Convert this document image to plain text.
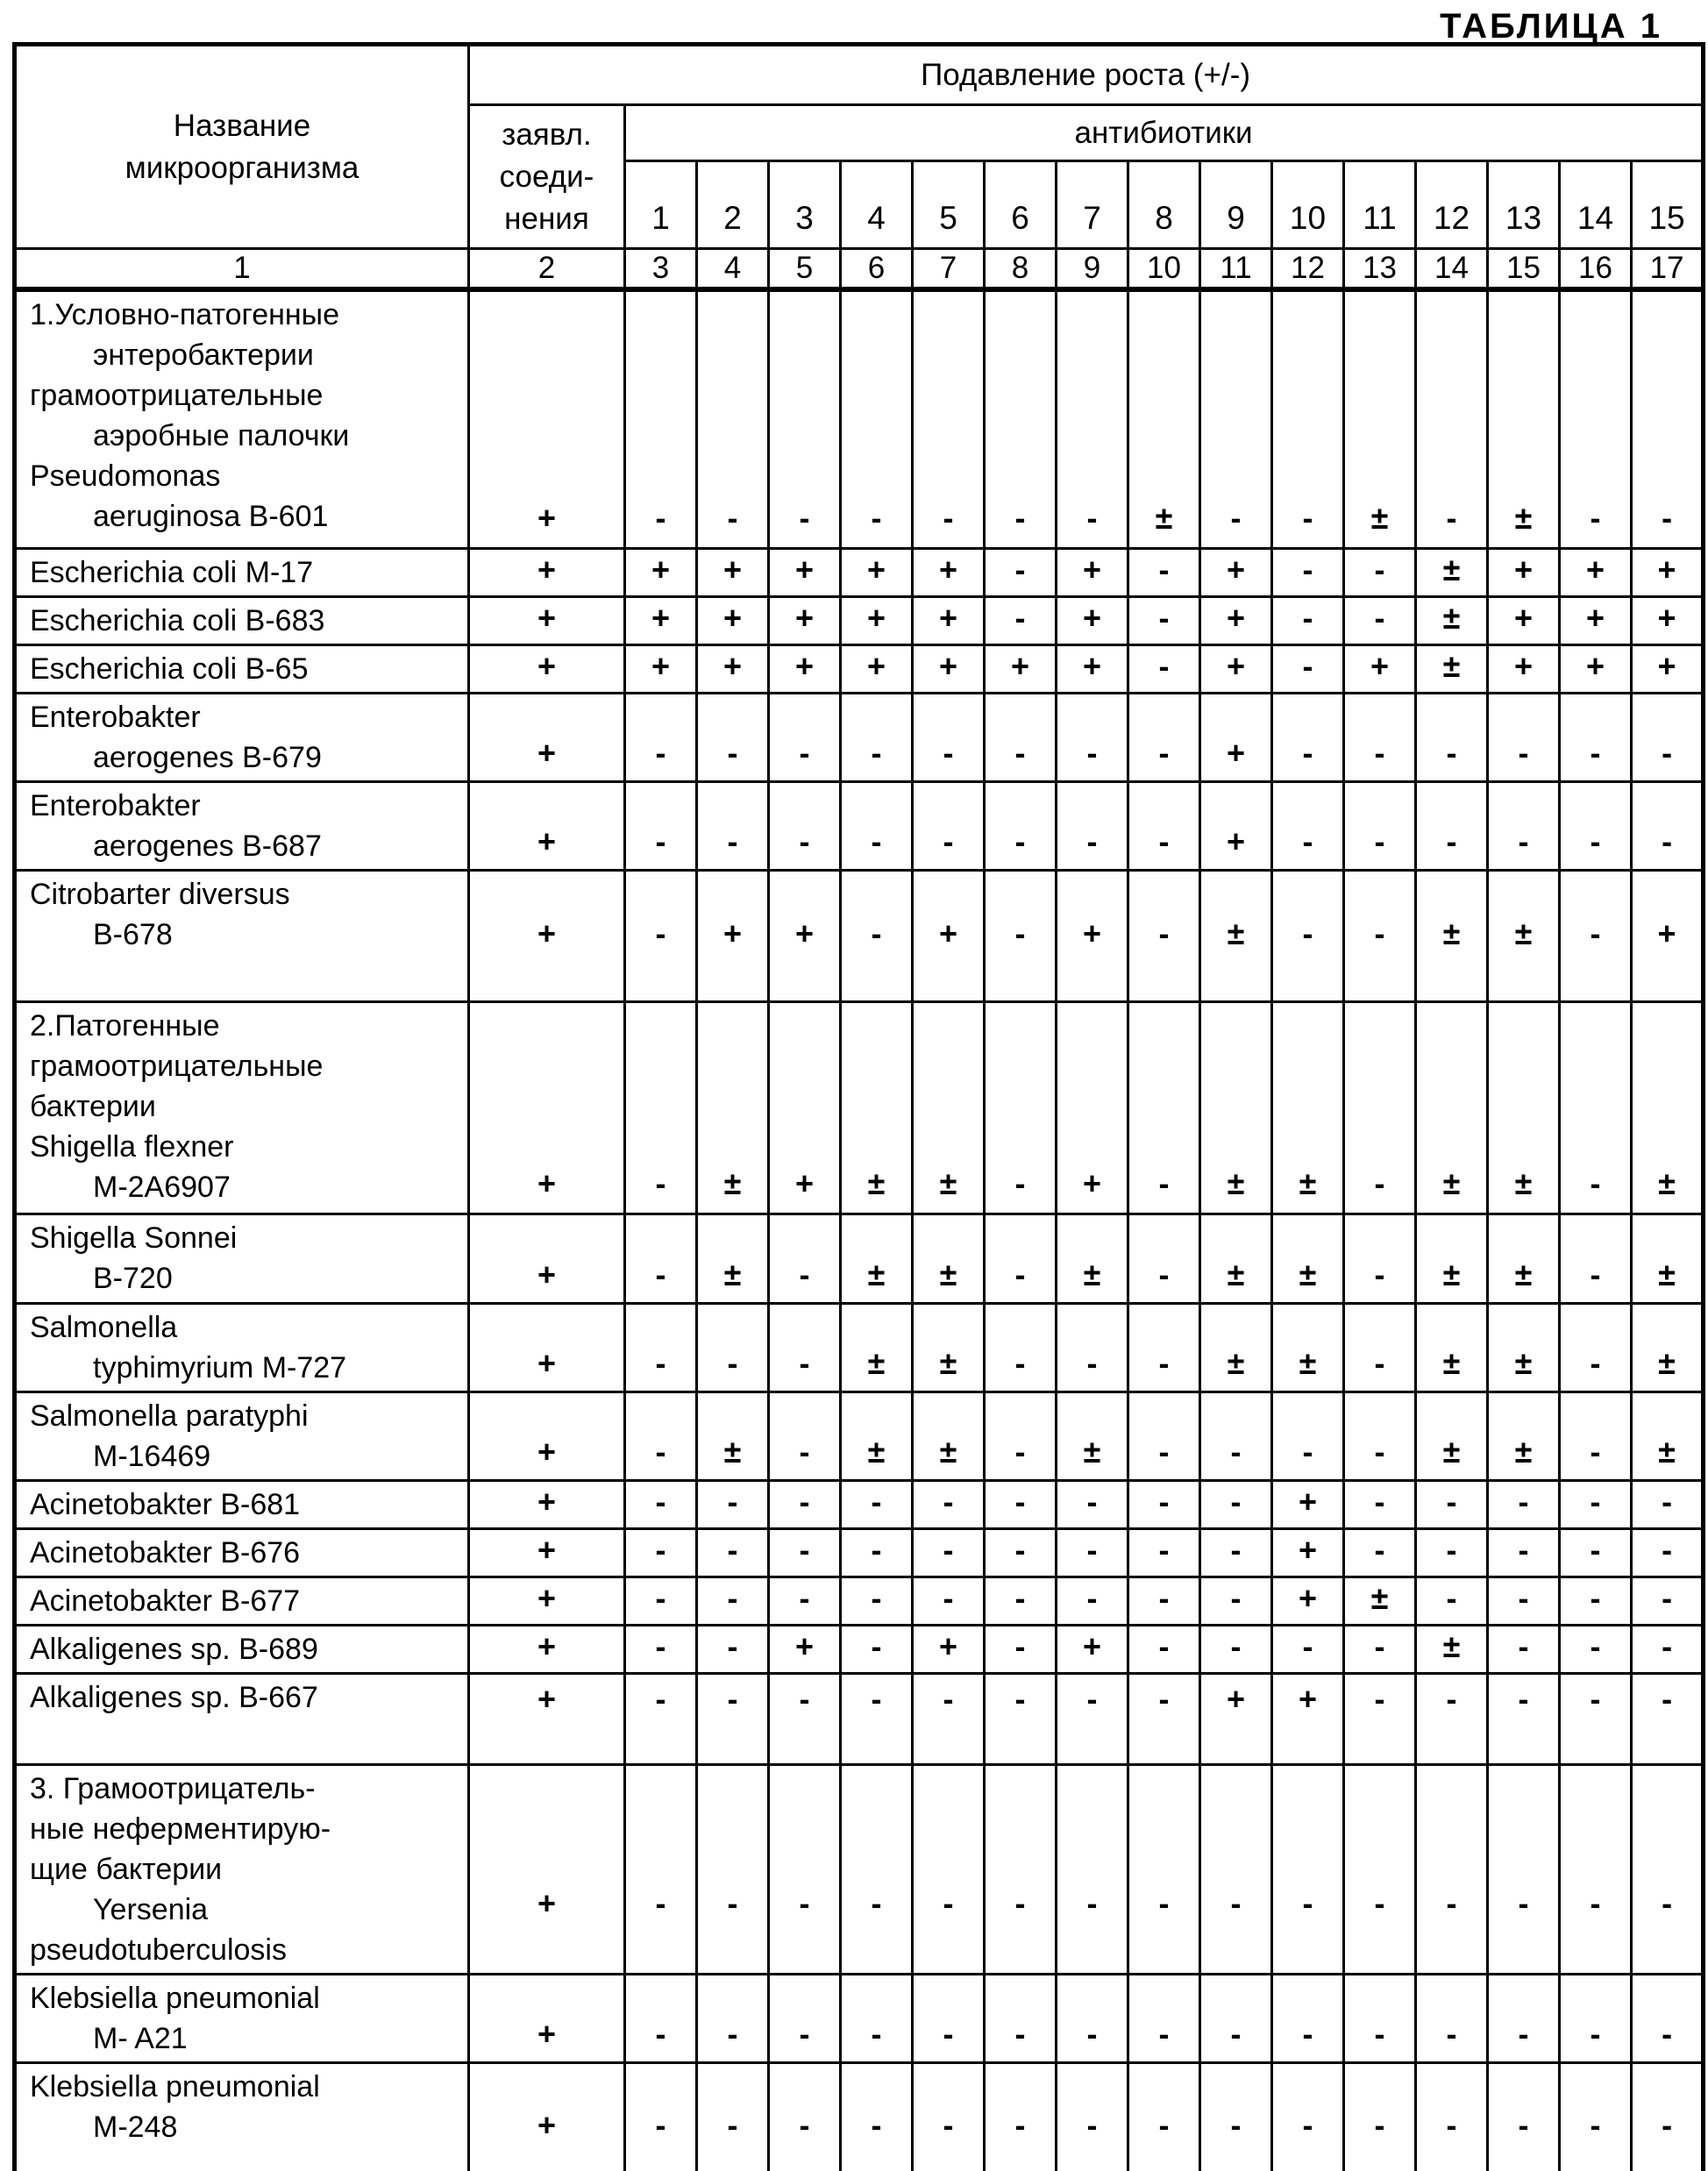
ТАБЛИЦА 1
Название
микроорганизма	Подавление роста (+/-)															

	заявл.
соеди-
нения	антибиотики														
		1	2	3	4	5	6	7	8	9	10	11	12	13	14	15
1	2	3	4	5	6	7	8	9	10	11	12	13	14	15	16	17

1.Условно-патогенные
энтеробактерии
грамоотрицательные
аэробные палочки
Pseudomonas
aeruginosa B-601	+	-	-	-	-	-	-	-	±	-	-	±	-	±	-	-

Escherichia coli M-17	+	+	+	+	+	+	-	+	-	+	-	-	±	+	+	+

Escherichia coli B-683	+	+	+	+	+	+	-	+	-	+	-	-	±	+	+	+

Escherichia coli B-65	+	+	+	+	+	+	+	+	-	+	-	+	±	+	+	+

Enterobakter
aerogenes B-679	+	-	-	-	-	-	-	-	-	+	-	-	-	-	-	-

Enterobakter
aerogenes B-687	+	-	-	-	-	-	-	-	-	+	-	-	-	-	-	-

Citrobarter diversus
B-678	+	-	+	+	-	+	-	+	-	±	-	-	±	±	-	+

2.Патогенные
грамоотрицательные
бактерии
Shigella flexner
M-2A6907	+	-	±	+	±	±	-	+	-	±	±	-	±	±	-	±

Shigella Sonnei
B-720	+	-	±	-	±	±	-	±	-	±	±	-	±	±	-	±

Salmonella
typhimyrium M-727	+	-	-	-	±	±	-	-	-	±	±	-	±	±	-	±

Salmonella paratyphi
M-16469	+	-	±	-	±	±	-	±	-	-	-	-	±	±	-	±

Acinetobakter B-681	+	-	-	-	-	-	-	-	-	-	+	-	-	-	-	-

Acinetobakter B-676	+	-	-	-	-	-	-	-	-	-	+	-	-	-	-	-

Acinetobakter B-677	+	-	-	-	-	-	-	-	-	-	+	±	-	-	-	-

Alkaligenes sp. B-689	+	-	-	+	-	+	-	+	-	-	-	-	±	-	-	-

Alkaligenes sp. B-667	+	-	-	-	-	-	-	-	-	+	+	-	-	-	-	-

3. Грамоотрицатель-
ные неферментирую-
щие бактерии
Yersenia
pseudotuberculosis	+	-	-	-	-	-	-	-	-	-	-	-	-	-	-	-

Klebsiella pneumonial
M- A21	+	-	-	-	-	-	-	-	-	-	-	-	-	-	-	-

Klebsiella pneumonial
M-248	+	-	-	-	-	-	-	-	-	-	-	-	-	-	-	-
